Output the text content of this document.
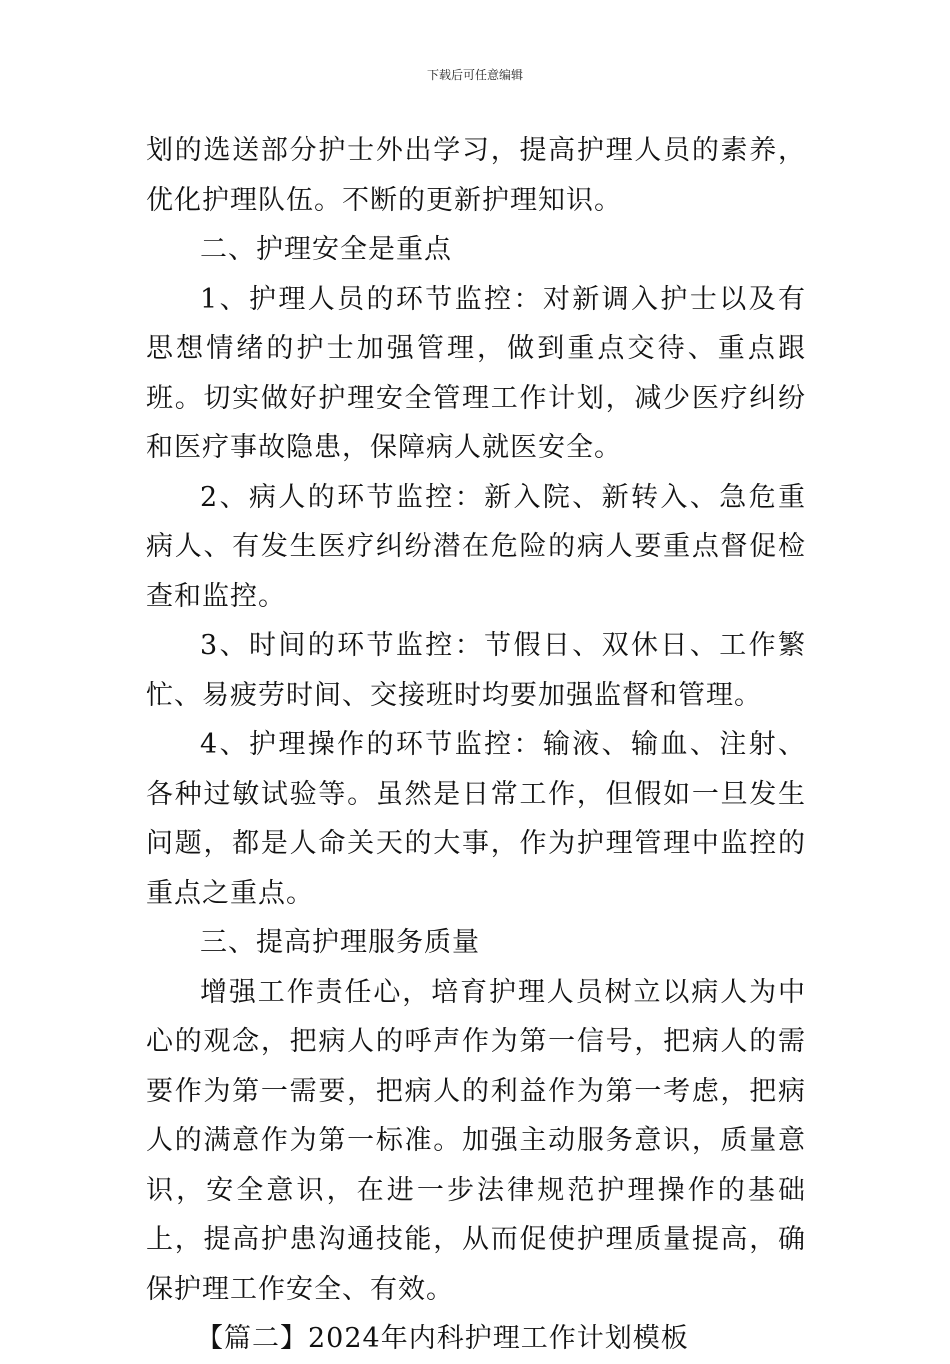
下载后可任意编辑

划的选送部分护士外出学习，提高护理人员的素养，优化护理队伍。不断的更新护理知识。

二、护理安全是重点

1、护理人员的环节监控：对新调入护士以及有思想情绪的护士加强管理，做到重点交待、重点跟班。切实做好护理安全管理工作计划，减少医疗纠纷和医疗事故隐患，保障病人就医安全。

2、病人的环节监控：新入院、新转入、急危重病人、有发生医疗纠纷潜在危险的病人要重点督促检查和监控。

3、时间的环节监控：节假日、双休日、工作繁忙、易疲劳时间、交接班时均要加强监督和管理。

4、护理操作的环节监控：输液、输血、注射、各种过敏试验等。虽然是日常工作，但假如一旦发生问题，都是人命关天的大事，作为护理管理中监控的重点之重点。

三、提高护理服务质量

增强工作责任心，培育护理人员树立以病人为中心的观念，把病人的呼声作为第一信号，把病人的需要作为第一需要，把病人的利益作为第一考虑，把病人的满意作为第一标准。加强主动服务意识，质量意识，安全意识，在进一步法律规范护理操作的基础上，提高护患沟通技能，从而促使护理质量提高，确保护理工作安全、有效。

【篇二】2024年内科护理工作计划模板
